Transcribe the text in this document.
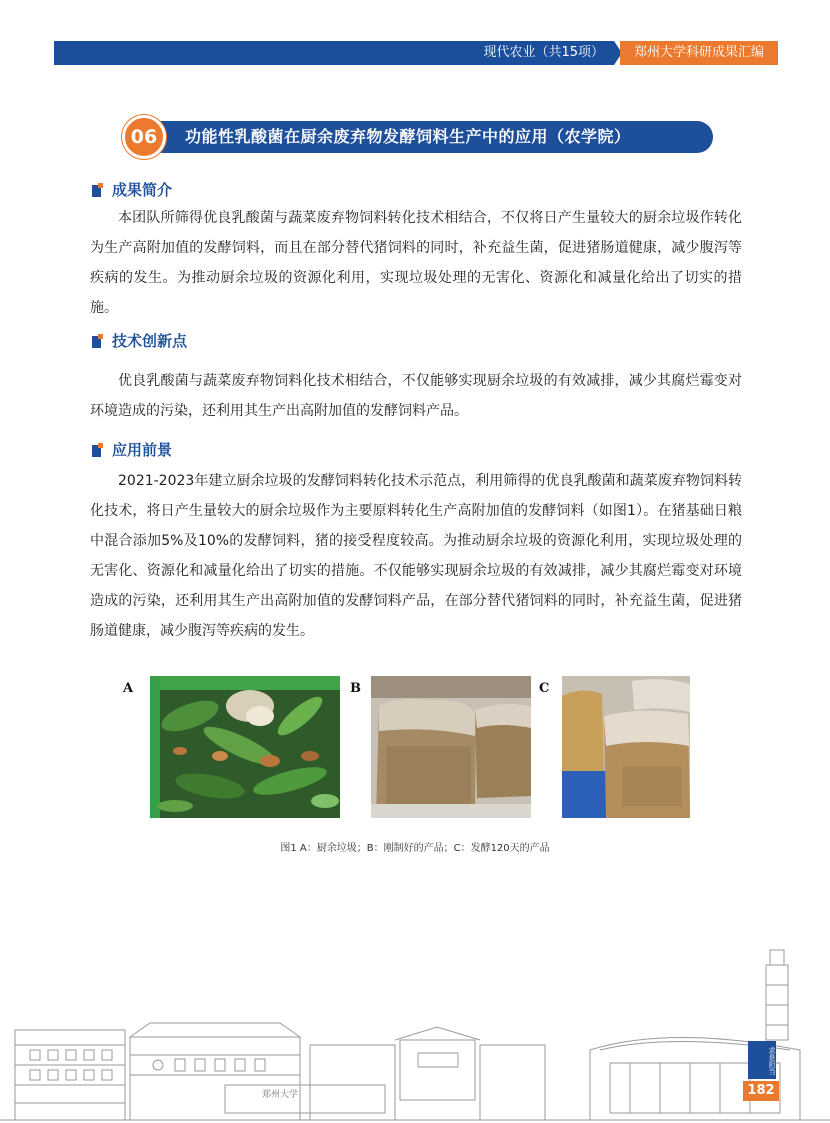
现代农业（共15项）	郑州大学科研成果汇编
功能性乳酸菌在厨余废弃物发酵饲料生产中的应用（农学院）
06
成果简介
本团队所筛得优良乳酸菌与蔬菜废弃物饲料转化技术相结合，不仅将日产生量较大的厨余垃圾作转化为生产高附加值的发酵饲料，而且在部分替代猪饲料的同时，补充益生菌，促进猪肠道健康，减少腹泻等疾病的发生。为推动厨余垃圾的资源化利用，实现垃圾处理的无害化、资源化和减量化给出了切实的措施。
技术创新点
优良乳酸菌与蔬菜废弃物饲料化技术相结合，不仅能够实现厨余垃圾的有效减排，减少其腐烂霉变对环境造成的污染，还利用其生产出高附加值的发酵饲料产品。
应用前景
2021-2023年建立厨余垃圾的发酵饲料转化技术示范点，利用筛得的优良乳酸菌和蔬菜废弃物饲料转化技术，将日产生量较大的厨余垃圾作为主要原料转化生产高附加值的发酵饲料（如图1）。在猪基础日粮中混合添加5%及10%的发酵饲料，猪的接受程度较高。为推动厨余垃圾的资源化利用，实现垃圾处理的无害化、资源化和减量化给出了切实的措施。不仅能够实现厨余垃圾的有效减排，减少其腐烂霉变对环境造成的污染，还利用其生产出高附加值的发酵饲料产品，在部分替代猪饲料的同时，补充益生菌，促进猪肠道健康，减少腹泻等疾病的发生。
A	B	C
图1 A：厨余垃圾；B：刚制好的产品；C：发酵120天的产品
郑州大学
求是担当
182
